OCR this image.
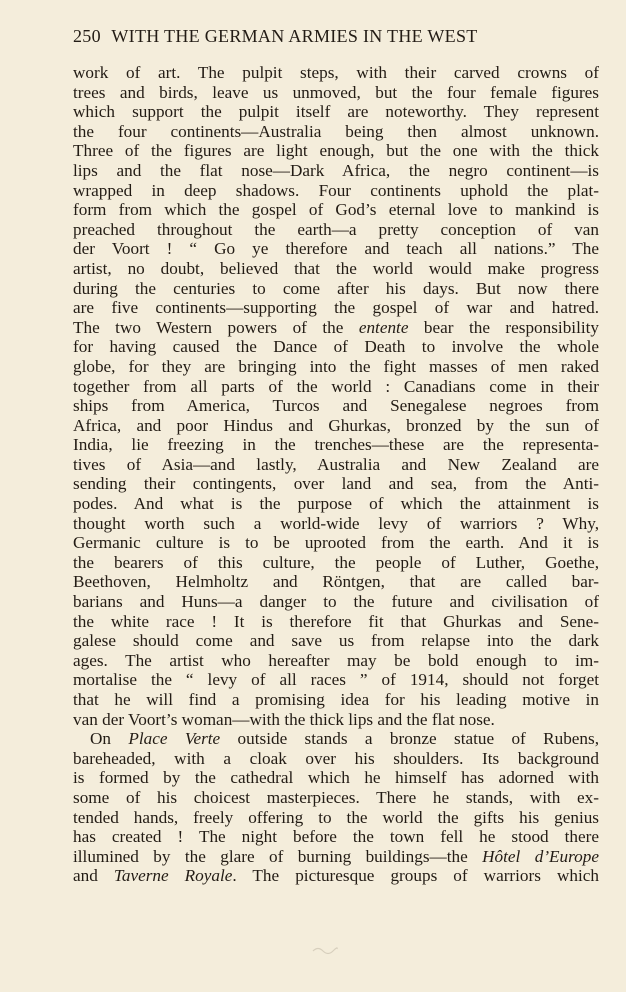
250 WITH THE GERMAN ARMIES IN THE WEST
work of art. The pulpit steps, with their carved crowns of
trees and birds, leave us unmoved, but the four female figures
which support the pulpit itself are noteworthy. They represent
the four continents—Australia being then almost unknown.
Three of the figures are light enough, but the one with the thick
lips and the flat nose—Dark Africa, the negro continent—is
wrapped in deep shadows. Four continents uphold the plat-
form from which the gospel of God’s eternal love to mankind is
preached throughout the earth—a pretty conception of van
der Voort ! “ Go ye therefore and teach all nations.” The
artist, no doubt, believed that the world would make progress
during the centuries to come after his days. But now there
are five continents—supporting the gospel of war and hatred.
The two Western powers of the entente bear the responsibility
for having caused the Dance of Death to involve the whole
globe, for they are bringing into the fight masses of men raked
together from all parts of the world : Canadians come in their
ships from America, Turcos and Senegalese negroes from
Africa, and poor Hindus and Ghurkas, bronzed by the sun of
India, lie freezing in the trenches—these are the representa-
tives of Asia—and lastly, Australia and New Zealand are
sending their contingents, over land and sea, from the Anti-
podes. And what is the purpose of which the attainment is
thought worth such a world-wide levy of warriors ? Why,
Germanic culture is to be uprooted from the earth. And it is
the bearers of this culture, the people of Luther, Goethe,
Beethoven, Helmholtz and Röntgen, that are called bar-
barians and Huns—a danger to the future and civilisation of
the white race ! It is therefore fit that Ghurkas and Sene-
galese should come and save us from relapse into the dark
ages. The artist who hereafter may be bold enough to im-
mortalise the “ levy of all races ” of 1914, should not forget
that he will find a promising idea for his leading motive in
van der Voort’s woman—with the thick lips and the flat nose.
On Place Verte outside stands a bronze statue of Rubens,
bareheaded, with a cloak over his shoulders. Its background
is formed by the cathedral which he himself has adorned with
some of his choicest masterpieces. There he stands, with ex-
tended hands, freely offering to the world the gifts his genius
has created ! The night before the town fell he stood there
illumined by the glare of burning buildings—the Hôtel d’Europe
and Taverne Royale. The picturesque groups of warriors which
